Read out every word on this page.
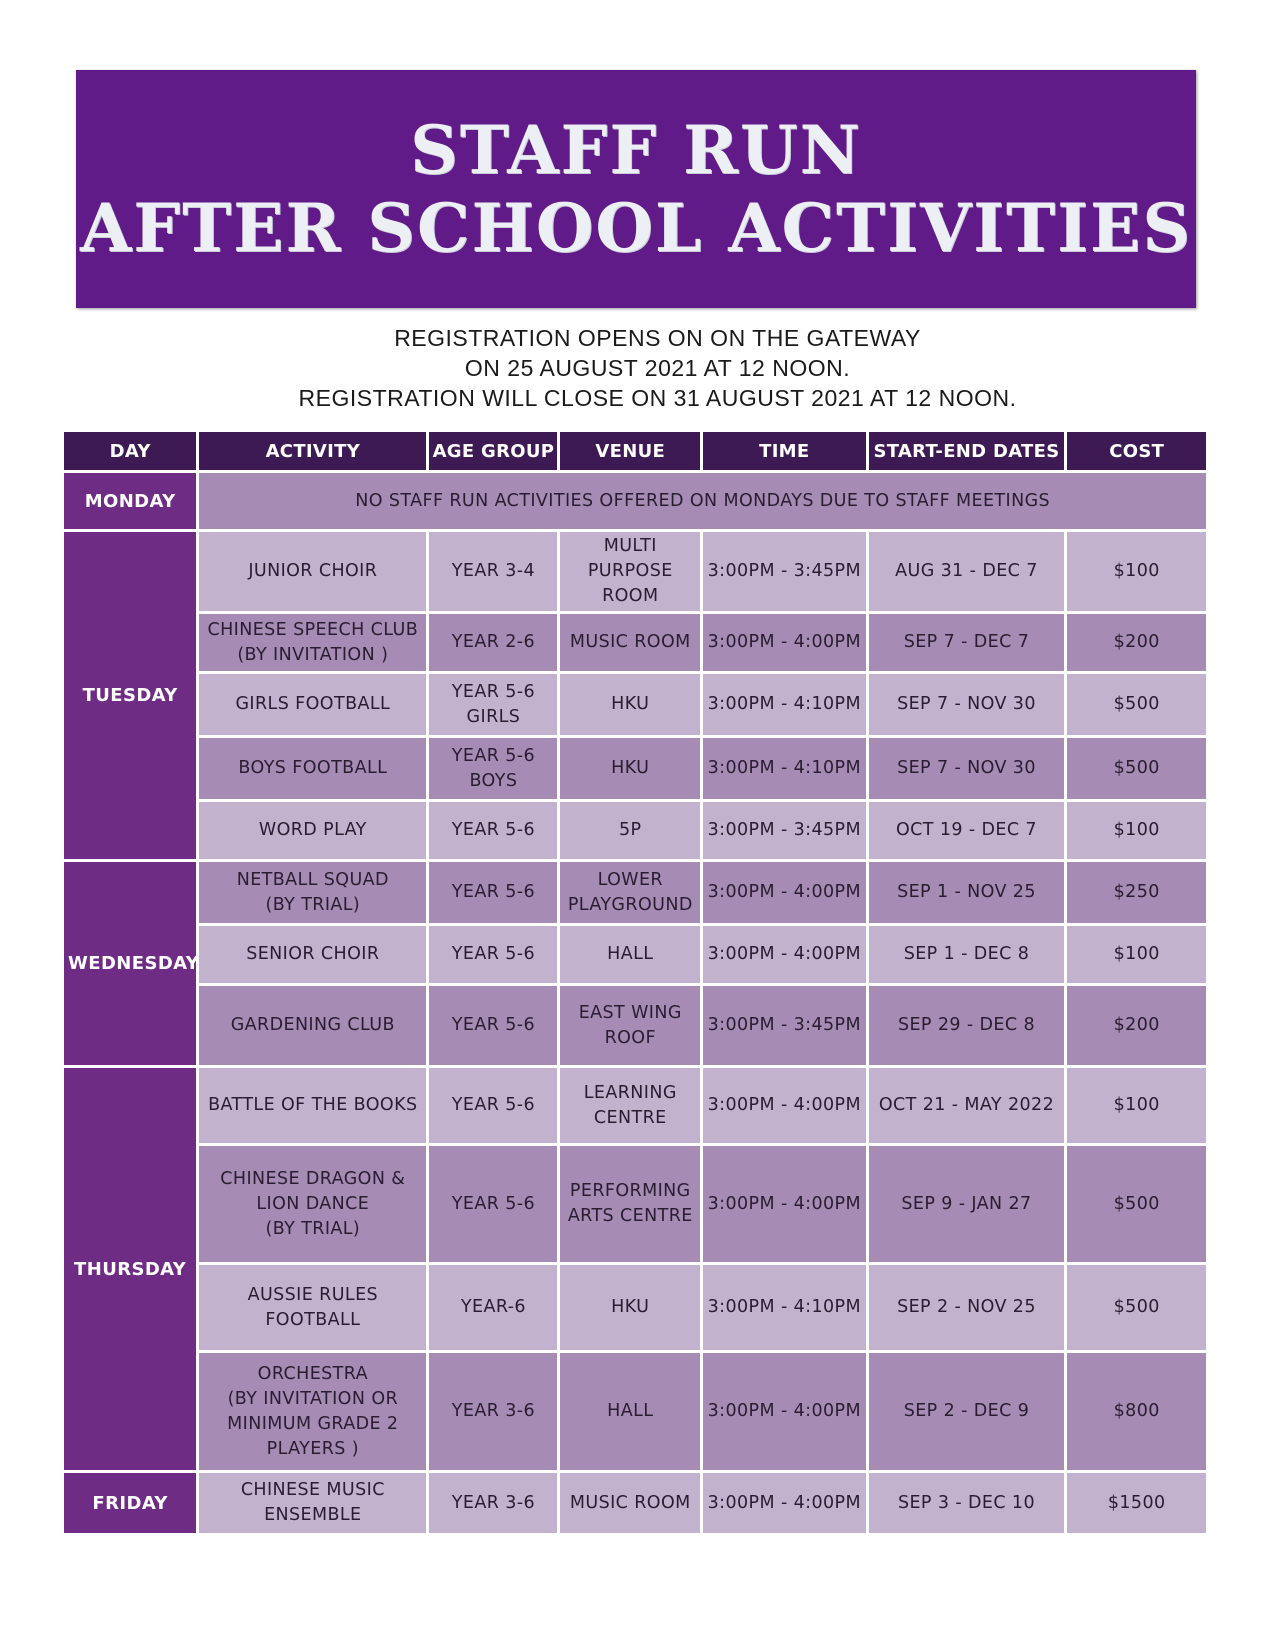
STAFF RUN
AFTER SCHOOL ACTIVITIES
REGISTRATION OPENS ON ON THE GATEWAY
ON 25 AUGUST 2021 AT 12 NOON.
REGISTRATION WILL CLOSE ON 31 AUGUST 2021 AT 12 NOON.
DAY	ACTIVITY	AGE GROUP	VENUE	TIME	START-END DATES	COST
MONDAY	NO STAFF RUN ACTIVITIES OFFERED ON MONDAYS DUE TO STAFF MEETINGS					
TUESDAY	JUNIOR CHOIR	YEAR 3-4	MULTI
PURPOSE
ROOM	3:00PM - 3:45PM	AUG 31 - DEC 7	$100

	CHINESE SPEECH CLUB
(BY INVITATION )	YEAR 2-6	MUSIC ROOM	3:00PM - 4:00PM	SEP 7 - DEC 7	$200

	GIRLS FOOTBALL	YEAR 5-6
GIRLS	HKU	3:00PM - 4:10PM	SEP 7 - NOV 30	$500

	BOYS FOOTBALL	YEAR 5-6
BOYS	HKU	3:00PM - 4:10PM	SEP 7 - NOV 30	$500

	WORD PLAY	YEAR 5-6	5P	3:00PM - 3:45PM	OCT 19 - DEC 7	$100
WEDNESDAY	NETBALL SQUAD
(BY TRIAL)	YEAR 5-6	LOWER
PLAYGROUND	3:00PM - 4:00PM	SEP 1 - NOV 25	$250

	SENIOR CHOIR	YEAR 5-6	HALL	3:00PM - 4:00PM	SEP 1 - DEC 8	$100

	GARDENING CLUB	YEAR 5-6	EAST WING
ROOF	3:00PM - 3:45PM	SEP 29 - DEC 8	$200
THURSDAY	BATTLE OF THE BOOKS	YEAR 5-6	LEARNING
CENTRE	3:00PM - 4:00PM	OCT 21 - MAY 2022	$100

	CHINESE DRAGON &
LION DANCE
(BY TRIAL)	YEAR 5-6	PERFORMING
ARTS CENTRE	3:00PM - 4:00PM	SEP 9 - JAN 27	$500

	AUSSIE RULES
FOOTBALL	YEAR-6	HKU	3:00PM - 4:10PM	SEP 2 - NOV 25	$500

	ORCHESTRA
(BY INVITATION OR
MINIMUM GRADE 2
PLAYERS )	YEAR 3-6	HALL	3:00PM - 4:00PM	SEP 2 - DEC 9	$800
FRIDAY	CHINESE MUSIC
ENSEMBLE	YEAR 3-6	MUSIC ROOM	3:00PM - 4:00PM	SEP 3 - DEC 10	$1500
